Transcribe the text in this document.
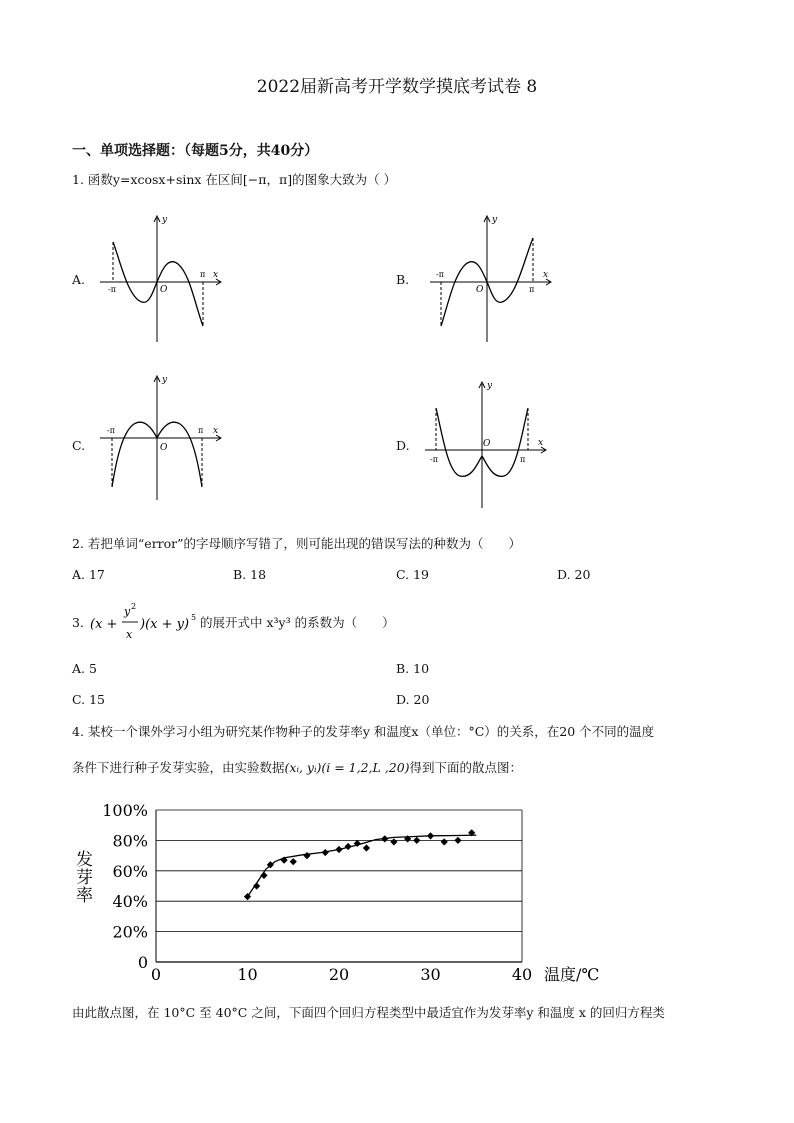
2022届新高考开学数学摸底考试卷 8
一、单项选择题：（每题5分，共40分）
1. 函数y=xcosx+sinx 在区间[−π，π]的图象大致为（ ）
A.	B.
C.	D.
-π
π x
y
O
-π
π
x
y
O
-π	π x
y
O
-π	π
x
y
O
2. 若把单词“error”的字母顺序写错了，则可能出现的错误写法的种数为（　　）
A. 17	B. 18	C. 19	D. 20
3. (x +
y 2
x
)(x + y) 5 的展开式中 x³y³ 的系数为（　　）
A. 5	B. 10
C. 15	D. 20
4. 某校一个课外学习小组为研究某作物种子的发芽率y 和温度x（单位：°C）的关系，在20 个不同的温度
条件下进行种子发芽实验，由实验数据(xᵢ, yᵢ)(i = 1,2,L ,20)得到下面的散点图：
0
20%
40%
60%
80%
100%
0	10	20	30	40
发芽率
温度/℃
由此散点图，在 10°C 至 40°C 之间，下面四个回归方程类型中最适宜作为发芽率y 和温度 x 的回归方程类
